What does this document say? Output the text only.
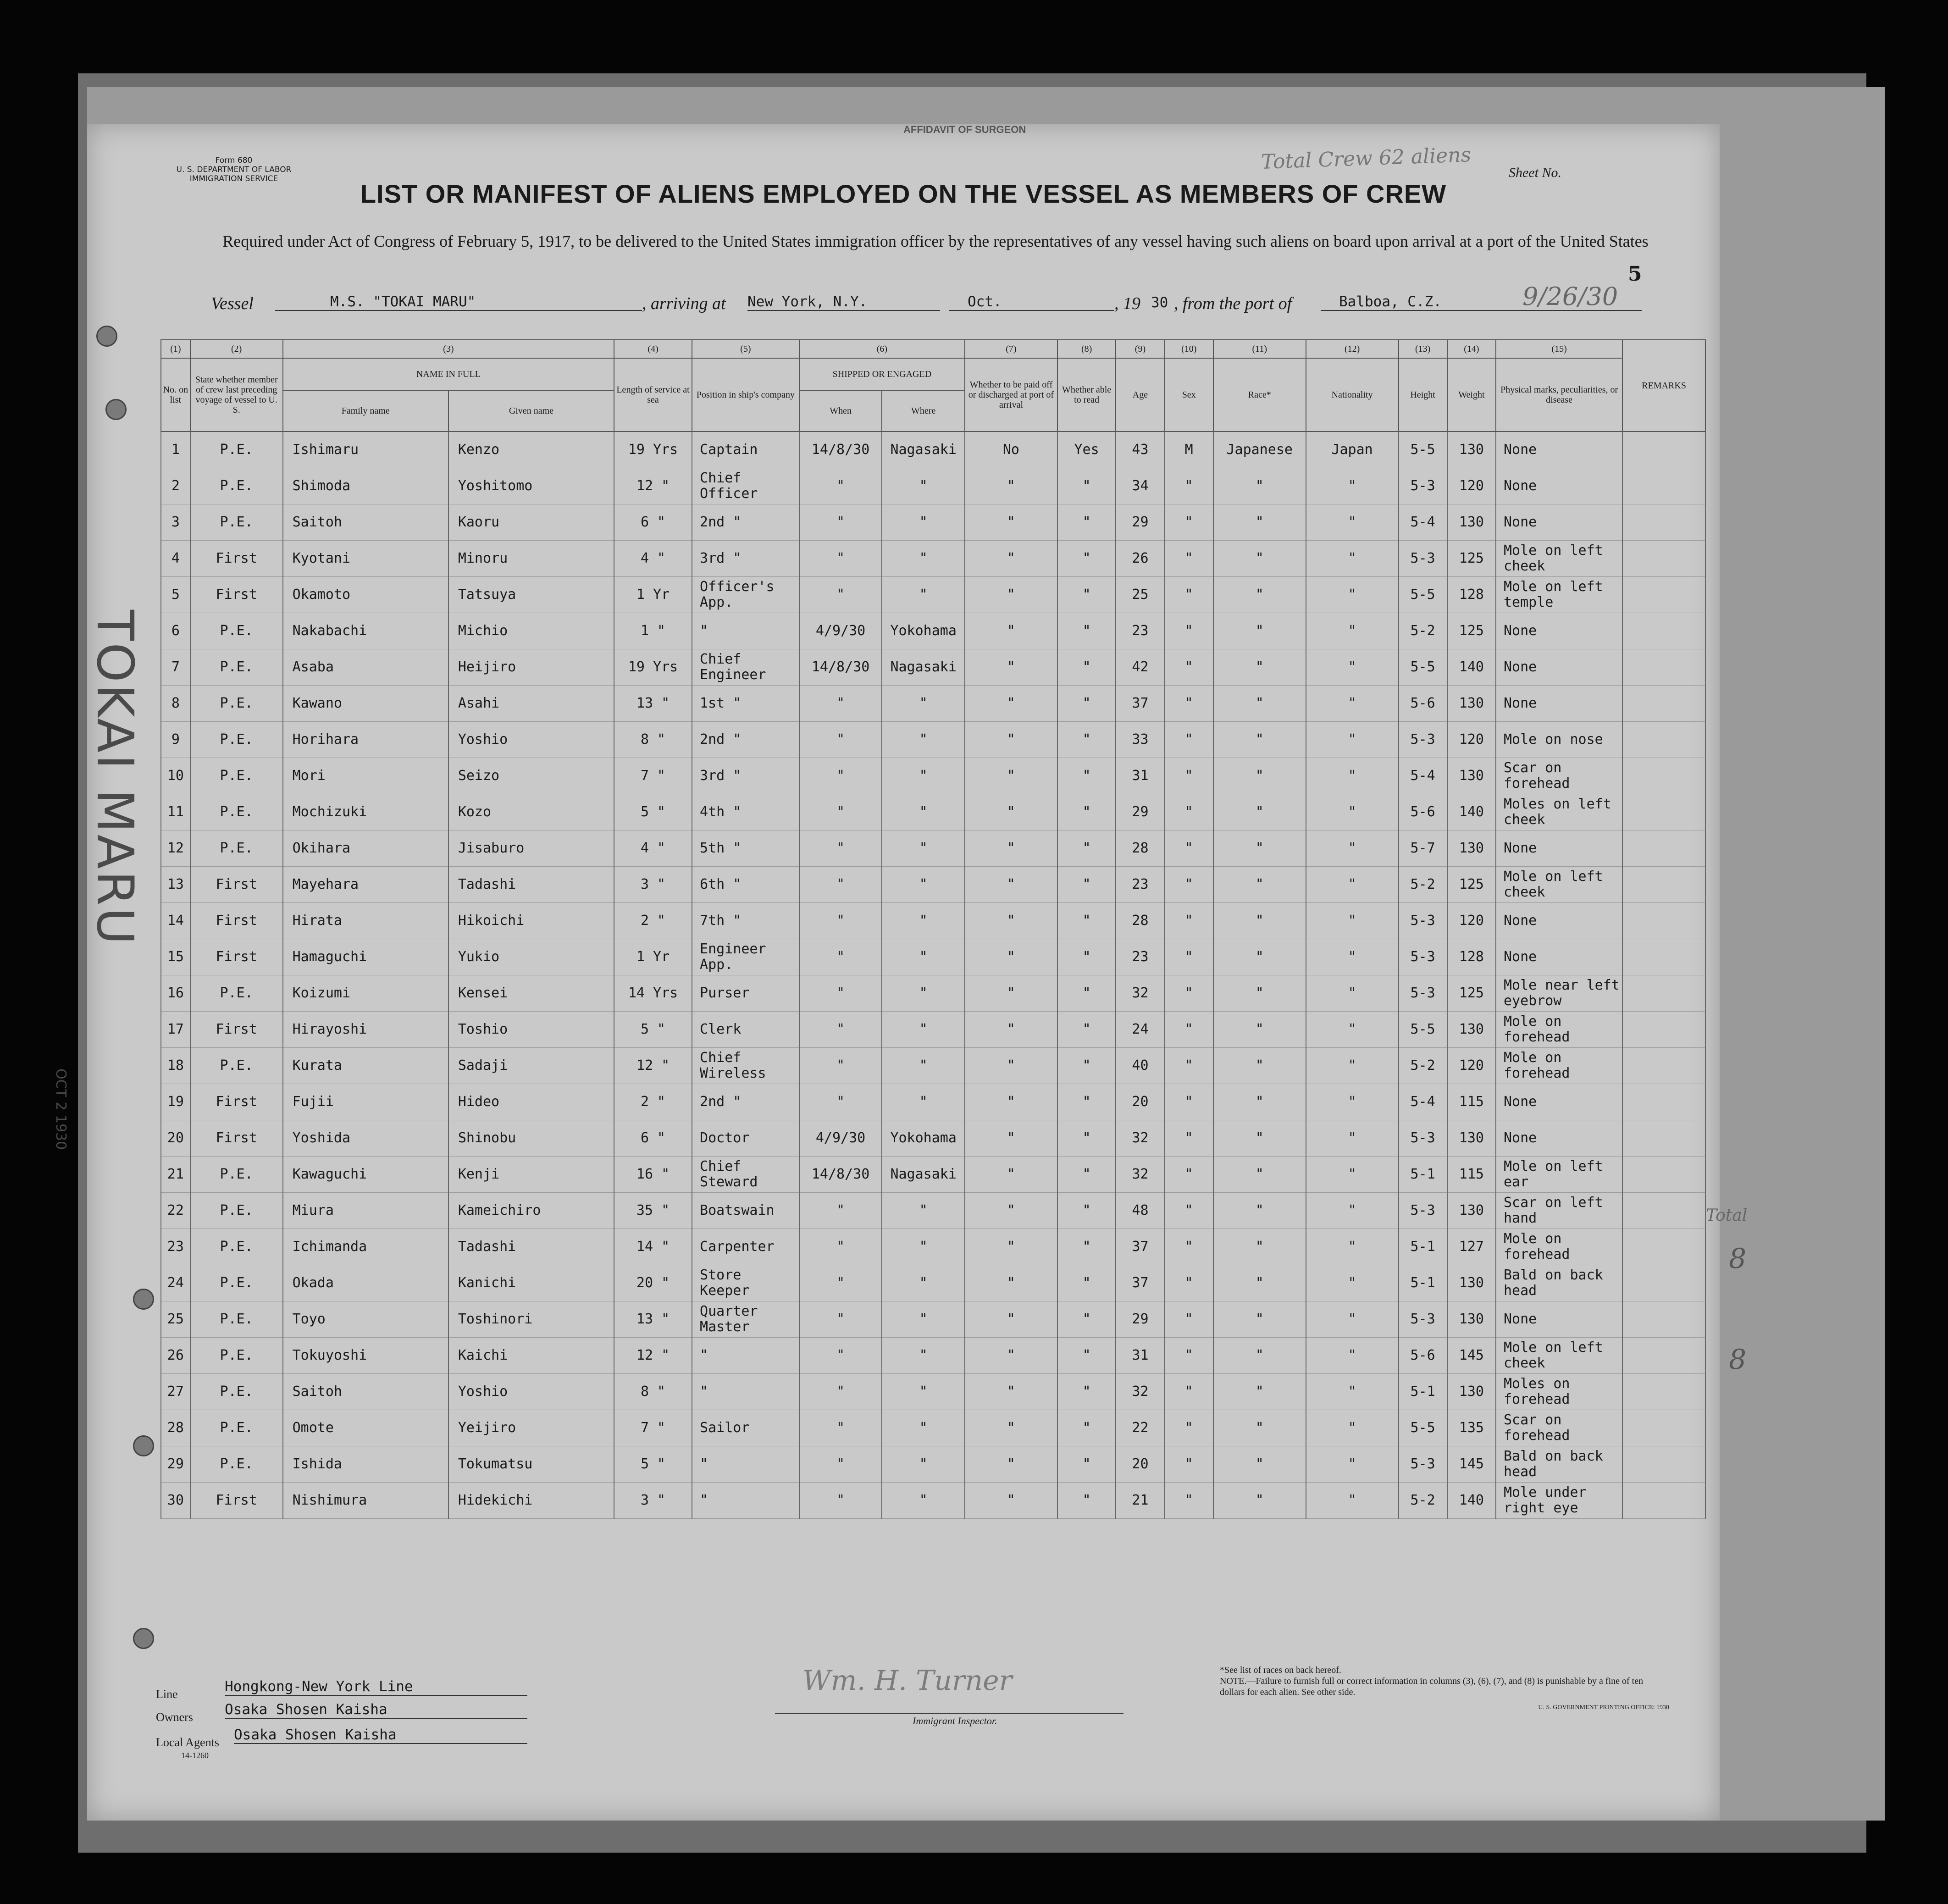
AFFIDAVIT OF SURGEON
Form 680
U. S. DEPARTMENT OF LABOR
IMMIGRATION SERVICE
Total Crew 62 aliens	Sheet No.
LIST OR MANIFEST OF ALIENS EMPLOYED ON THE VESSEL AS MEMBERS OF CREW
Required under Act of Congress of February 5, 1917, to be delivered to the United States immigration officer by the representatives of any vessel having such aliens on board upon arrival at a port of the United States
5
Vessel	M.S. "TOKAI MARU"	, arriving at New York, N.Y.	Oct.	, 19 30 , from the port of	Balboa, C.Z.	9/26/30
TOKAI MARU
OCT 2 1930
(1)	(2)	(3)		(4)	(5)	(6)		(7)	(8)	(9)	(10)	(11)	(12)	(13)	(14)	(15)	REMARKS
No. on list	State whether member of crew last preceding voyage of vessel to U. S.	NAME IN FULL		Length of service at sea	Position in ship's company	SHIPPED OR ENGAGED		Whether to be paid off or discharged at port of arrival	Whether able to read	Age	Sex	Race*	Nationality	Height	Weight	Physical marks, peculiarities, or disease	
		Family name	Given name			When	Where										
1	P.E.	Ishimaru	Kenzo	19 Yrs	Captain	14/8/30	Nagasaki	No	Yes	43	M	Japanese	Japan	5-5	130	None	
2	P.E.	Shimoda	Yoshitomo	12 "	Chief Officer	"	"	"	"	34	"	"	"	5-3	120	None	
3	P.E.	Saitoh	Kaoru	6 "	2nd "	"	"	"	"	29	"	"	"	5-4	130	None	
4	First	Kyotani	Minoru	4 "	3rd "	"	"	"	"	26	"	"	"	5-3	125	Mole on left cheek	
5	First	Okamoto	Tatsuya	1 Yr	Officer's App.	"	"	"	"	25	"	"	"	5-5	128	Mole on left temple	
6	P.E.	Nakabachi	Michio	1 "	"	4/9/30	Yokohama	"	"	23	"	"	"	5-2	125	None	
7	P.E.	Asaba	Heijiro	19 Yrs	Chief Engineer	14/8/30	Nagasaki	"	"	42	"	"	"	5-5	140	None	
8	P.E.	Kawano	Asahi	13 "	1st "	"	"	"	"	37	"	"	"	5-6	130	None	
9	P.E.	Horihara	Yoshio	8 "	2nd "	"	"	"	"	33	"	"	"	5-3	120	Mole on nose	
10	P.E.	Mori	Seizo	7 "	3rd "	"	"	"	"	31	"	"	"	5-4	130	Scar on forehead	
11	P.E.	Mochizuki	Kozo	5 "	4th "	"	"	"	"	29	"	"	"	5-6	140	Moles on left cheek	
12	P.E.	Okihara	Jisaburo	4 "	5th "	"	"	"	"	28	"	"	"	5-7	130	None	
13	First	Mayehara	Tadashi	3 "	6th "	"	"	"	"	23	"	"	"	5-2	125	Mole on left cheek	
14	First	Hirata	Hikoichi	2 "	7th "	"	"	"	"	28	"	"	"	5-3	120	None	
15	First	Hamaguchi	Yukio	1 Yr	Engineer App.	"	"	"	"	23	"	"	"	5-3	128	None	
16	P.E.	Koizumi	Kensei	14 Yrs	Purser	"	"	"	"	32	"	"	"	5-3	125	Mole near left eyebrow	
17	First	Hirayoshi	Toshio	5 "	Clerk	"	"	"	"	24	"	"	"	5-5	130	Mole on forehead	
18	P.E.	Kurata	Sadaji	12 "	Chief Wireless	"	"	"	"	40	"	"	"	5-2	120	Mole on forehead	
19	First	Fujii	Hideo	2 "	2nd "	"	"	"	"	20	"	"	"	5-4	115	None	
20	First	Yoshida	Shinobu	6 "	Doctor	4/9/30	Yokohama	"	"	32	"	"	"	5-3	130	None	
21	P.E.	Kawaguchi	Kenji	16 "	Chief Steward	14/8/30	Nagasaki	"	"	32	"	"	"	5-1	115	Mole on left ear	
22	P.E.	Miura	Kameichiro	35 "	Boatswain	"	"	"	"	48	"	"	"	5-3	130	Scar on left hand	
23	P.E.	Ichimanda	Tadashi	14 "	Carpenter	"	"	"	"	37	"	"	"	5-1	127	Mole on forehead	
24	P.E.	Okada	Kanichi	20 "	Store Keeper	"	"	"	"	37	"	"	"	5-1	130	Bald on back head	
25	P.E.	Toyo	Toshinori	13 "	Quarter Master	"	"	"	"	29	"	"	"	5-3	130	None	
26	P.E.	Tokuyoshi	Kaichi	12 "	"	"	"	"	"	31	"	"	"	5-6	145	Mole on left cheek	
27	P.E.	Saitoh	Yoshio	8 "	"	"	"	"	"	32	"	"	"	5-1	130	Moles on forehead	
28	P.E.	Omote	Yeijiro	7 "	Sailor	"	"	"	"	22	"	"	"	5-5	135	Scar on forehead	
29	P.E.	Ishida	Tokumatsu	5 "	"	"	"	"	"	20	"	"	"	5-3	145	Bald on back head	
30	First	Nishimura	Hidekichi	3 "	"	"	"	"	"	21	"	"	"	5-2	140	Mole under right eye	
Line	Hongkong-New York Line
Owners Osaka Shosen Kaisha
Local Agents Osaka Shosen Kaisha
14-1260
Wm. H. Turner
Immigrant Inspector.
*See list of races on back hereof.
NOTE.—Failure to furnish full or correct information in columns (3), (6), (7), and (8) is punishable by a fine of ten dollars for each alien. See other side.
U. S. GOVERNMENT PRINTING OFFICE: 1930
Total
8
8
